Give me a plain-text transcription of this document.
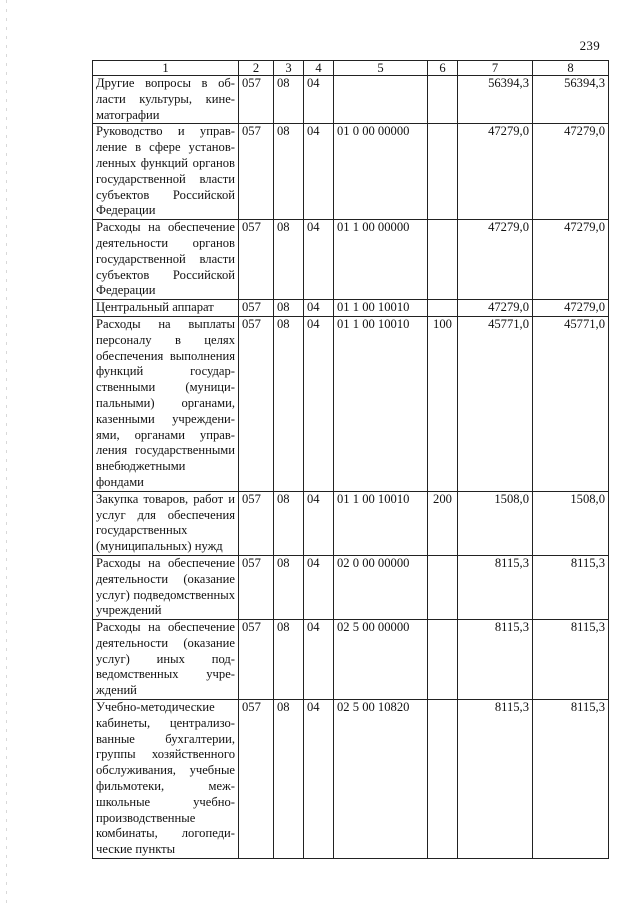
239
1	2	3	4	5	6	7	8
Другие вопросы в области культуры, кинематографии	057	08	04			56394,3	56394,3
Руководство и управление в сфере установленных функций органов государственной власти субъектов Российской Федерации	057	08	04	01 0 00 00000		47279,0	47279,0
Расходы на обеспечение деятельности органов государственной власти субъектов Российской Федерации	057	08	04	01 1 00 00000		47279,0	47279,0
Центральный аппарат	057	08	04	01 1 00 10010		47279,0	47279,0
Расходы на выплаты персоналу в целях обеспечения выполнения функций государственными (муниципальными) органами, казенными учреждениями, органами управления государственными внебюджетными фондами	057	08	04	01 1 00 10010	100	45771,0	45771,0
Закупка товаров, работ и услуг для обеспечения государственных (муниципальных) нужд	057	08	04	01 1 00 10010	200	1508,0	1508,0
Расходы на обеспечение деятельности (оказание услуг) подведомственных учреждений	057	08	04	02 0 00 00000		8115,3	8115,3
Расходы на обеспечение деятельности (оказание услуг) иных подведомственных учреждений	057	08	04	02 5 00 00000		8115,3	8115,3
Учебно-методические кабинеты, централизованные бухгалтерии, группы хозяйственного обслуживания, учебные фильмотеки, межшкольные учебно-производственные комбинаты, логопедические пункты	057	08	04	02 5 00 10820		8115,3	8115,3
